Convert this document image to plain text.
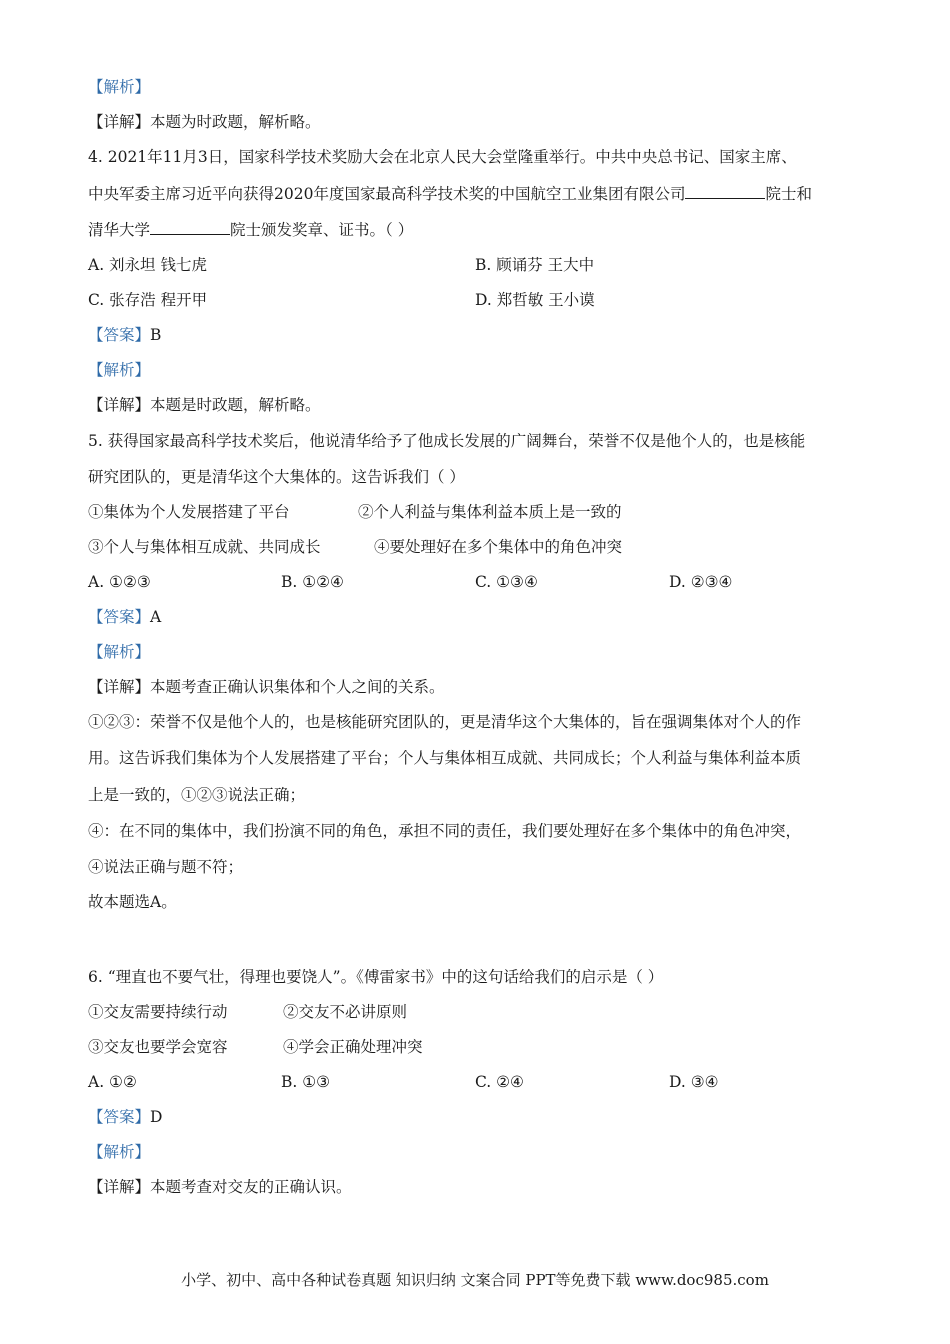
【解析】
【详解】本题为时政题，解析略。
4. 2021年11月3日，国家科学技术奖励大会在北京人民大会堂隆重举行。中共中央总书记、国家主席、
中央军委主席习近平向获得2020年度国家最高科学技术奖的中国航空工业集团有限公司	院士和
清华大学	院士颁发奖章、证书。（ ）
A. 刘永坦 钱七虎	B. 顾诵芬 王大中
C. 张存浩 程开甲	D. 郑哲敏 王小谟
【答案】B
【解析】
【详解】本题是时政题，解析略。
5. 获得国家最高科学技术奖后，他说清华给予了他成长发展的广阔舞台，荣誉不仅是他个人的，也是核能
研究团队的，更是清华这个大集体的。这告诉我们（ ）
①集体为个人发展搭建了平台	②个人利益与集体利益本质上是一致的
③个人与集体相互成就、共同成长	④要处理好在多个集体中的角色冲突
A. ①②③	B. ①②④	C. ①③④	D. ②③④
【答案】A
【解析】
【详解】本题考查正确认识集体和个人之间的关系。
①②③：荣誉不仅是他个人的，也是核能研究团队的，更是清华这个大集体的，旨在强调集体对个人的作
用。这告诉我们集体为个人发展搭建了平台；个人与集体相互成就、共同成长；个人利益与集体利益本质
上是一致的，①②③说法正确；
④：在不同的集体中，我们扮演不同的角色，承担不同的责任，我们要处理好在多个集体中的角色冲突，
④说法正确与题不符；
故本题选A。
6. “理直也不要气壮，得理也要饶人”。《傅雷家书》中的这句话给我们的启示是（ ）
①交友需要持续行动	②交友不必讲原则
③交友也要学会宽容	④学会正确处理冲突
A. ①②	B. ①③	C. ②④	D. ③④
【答案】D
【解析】
【详解】本题考查对交友的正确认识。
小学、初中、高中各种试卷真题 知识归纳 文案合同 PPT等免费下载 www.doc985.com
